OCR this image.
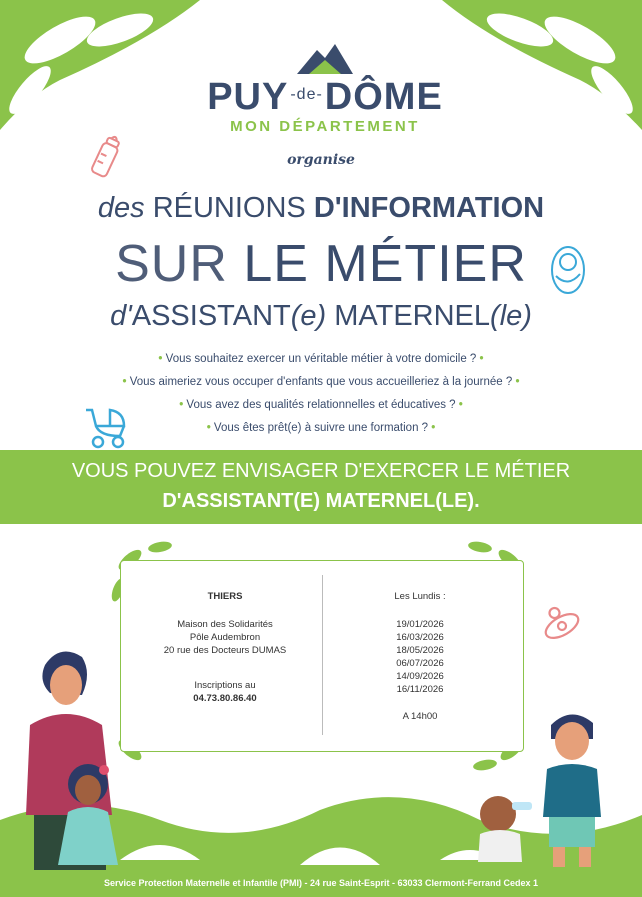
PUY $^{-de-}$DÔME
MON DÉPARTEMENT
organise
des RÉUNIONS D'INFORMATION
SUR LE MÉTIER
d'ASSISTANT(e) MATERNEL(le)
• Vous souhaitez exercer un véritable métier à votre domicile ? •
• Vous aimeriez vous occuper d'enfants que vous accueilleriez à la journée ? •
• Vous avez des qualités relationnelles et éducatives ? •
• Vous êtes prêt(e) à suivre une formation ? •
VOUS POUVEZ ENVISAGER D'EXERCER LE MÉTIER
D'ASSISTANT(E) MATERNEL(LE).
THIERS
Maison des Solidarités
Pôle Audembron
20 rue des Docteurs DUMAS
Inscriptions au
04.73.80.86.40
Les Lundis :
19/01/2026
16/03/2026
18/05/2026
06/07/2026
14/09/2026
16/11/2026
A 14h00
Service Protection Maternelle et Infantile (PMI) - 24 rue Saint-Esprit - 63033 Clermont-Ferrand Cedex 1
